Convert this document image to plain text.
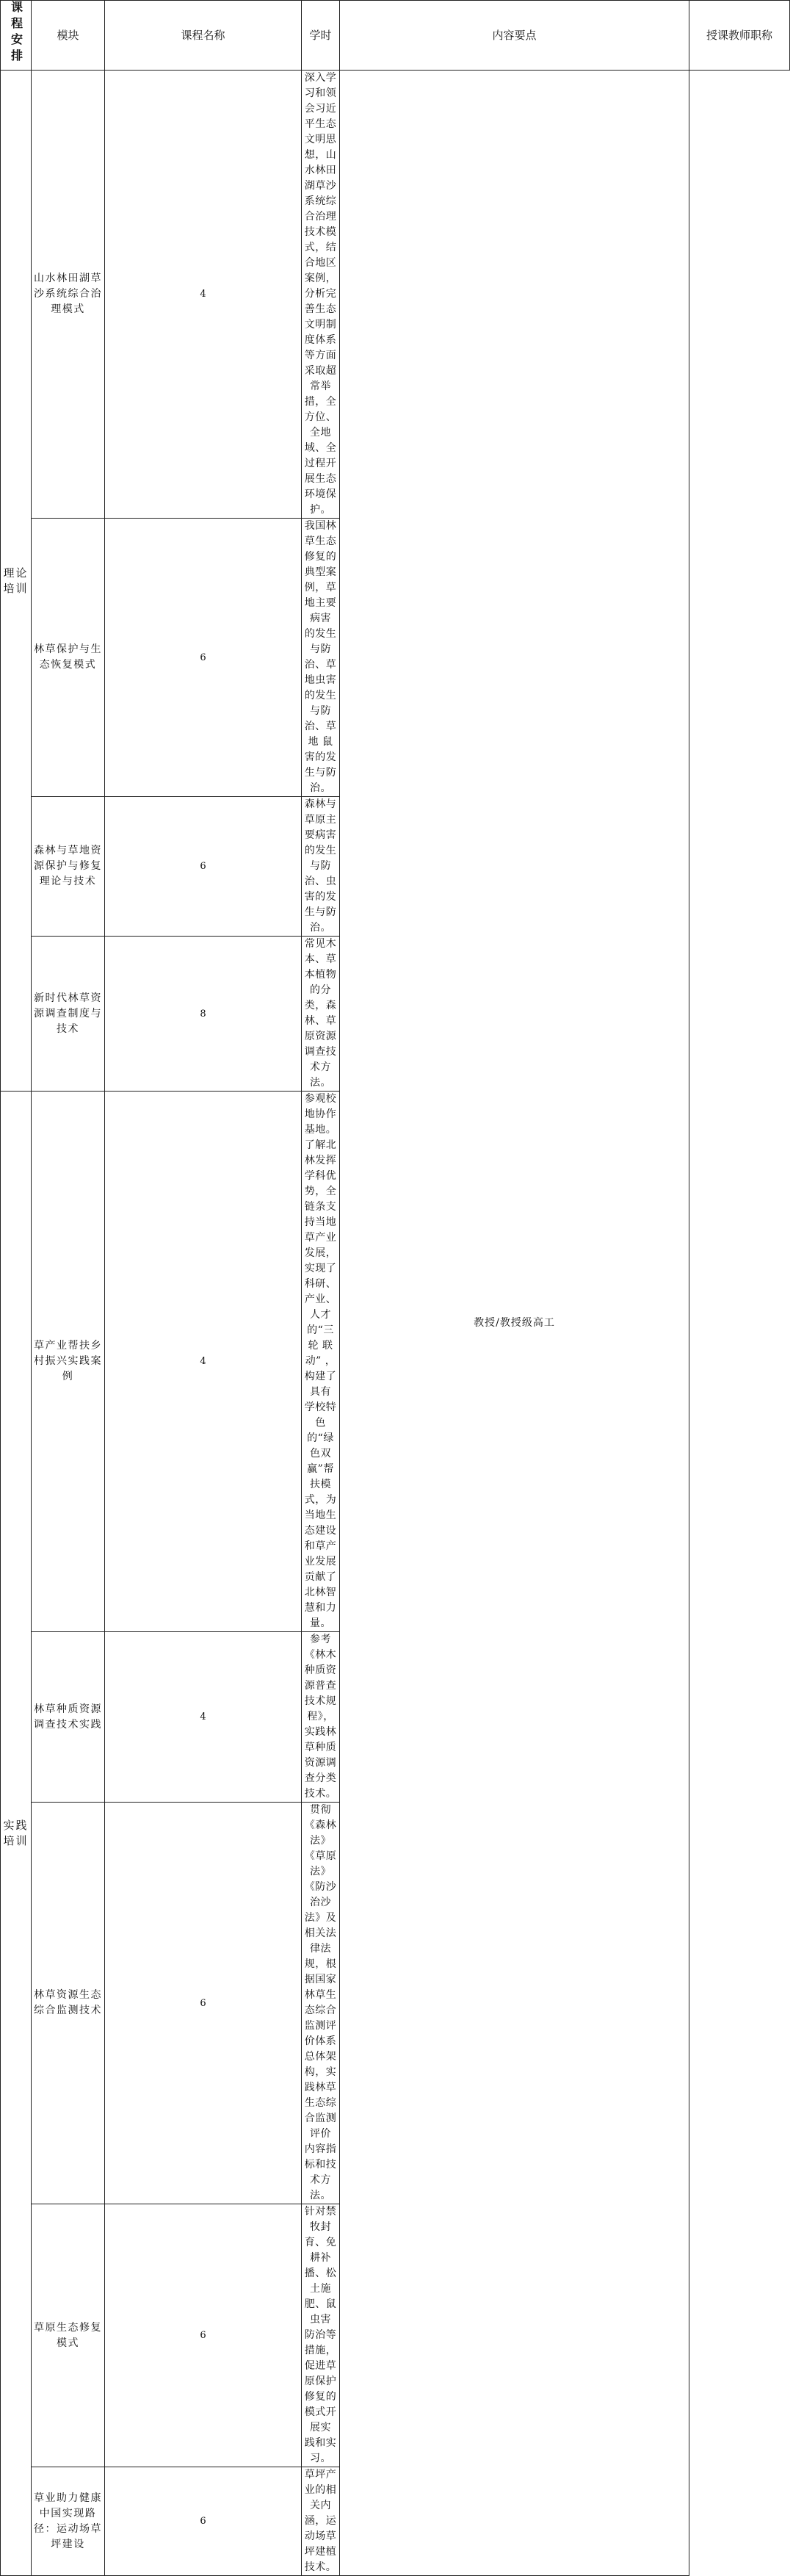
课程安排	模块	课程名称	学时	内容要点	授课教师职称
理论培训	山水林田湖草沙系统综合治理模式	4	深入学习和领会习近平生态文明思想，山水林田湖草沙系统综合治理技术模式，结合地区案例，分析完善生态文明制度体系等方面采取超常举措，全方位、全地域、全过程开展生态环境保护。	教授/教授级高工	
	林草保护与生态恢复模式	6	我国林草生态修复的典型案例，草地主要病害 的发生与防治、草地虫害的发生与防治、草地 鼠害的发生与防治。		
	森林与草地资源保护与修复理论与技术	6	森林与草原主要病害的发生与防治、虫害的发 生与防治。		
	新时代林草资源调查制度与技术	8	常见木本、草本植物的分类，森林、草原资源 调查技术方法。		
实践培训	草产业帮扶乡村振兴实践案例	4	参观校地协作基地。了解北林发挥学科优势，全链条支持当地草产业发展，实现了科研、产业、人才的“三轮 联动” ，构建了具有 学校特色的“绿色双赢”帮扶模式，为当地生态建设和草产业发展贡献了北林智慧和力量。		
	林草种质资源调查技术实践	4	参考《林木种质资源普查技术规程》，实践林 草种质资源调查分类技术。		
	林草资源生态综合监测技术	6	贯彻《森林法》《草原法》《防沙治沙法》及 相关法律法规，根据国家林草生态综合监测评 价体系总体架构，实践林草生态综合监测评价 内容指标和技术方法。		
	草原生态修复模式	6	针对禁牧封育、免耕补播、松土施肥、鼠虫害 防治等措施，促进草原保护修复的模式开展实 践和实习。		
	草业助力健康中国实现路径：运动场草坪建设	6	草坪产业的相关内涵，运动场草坪建植技术。		
